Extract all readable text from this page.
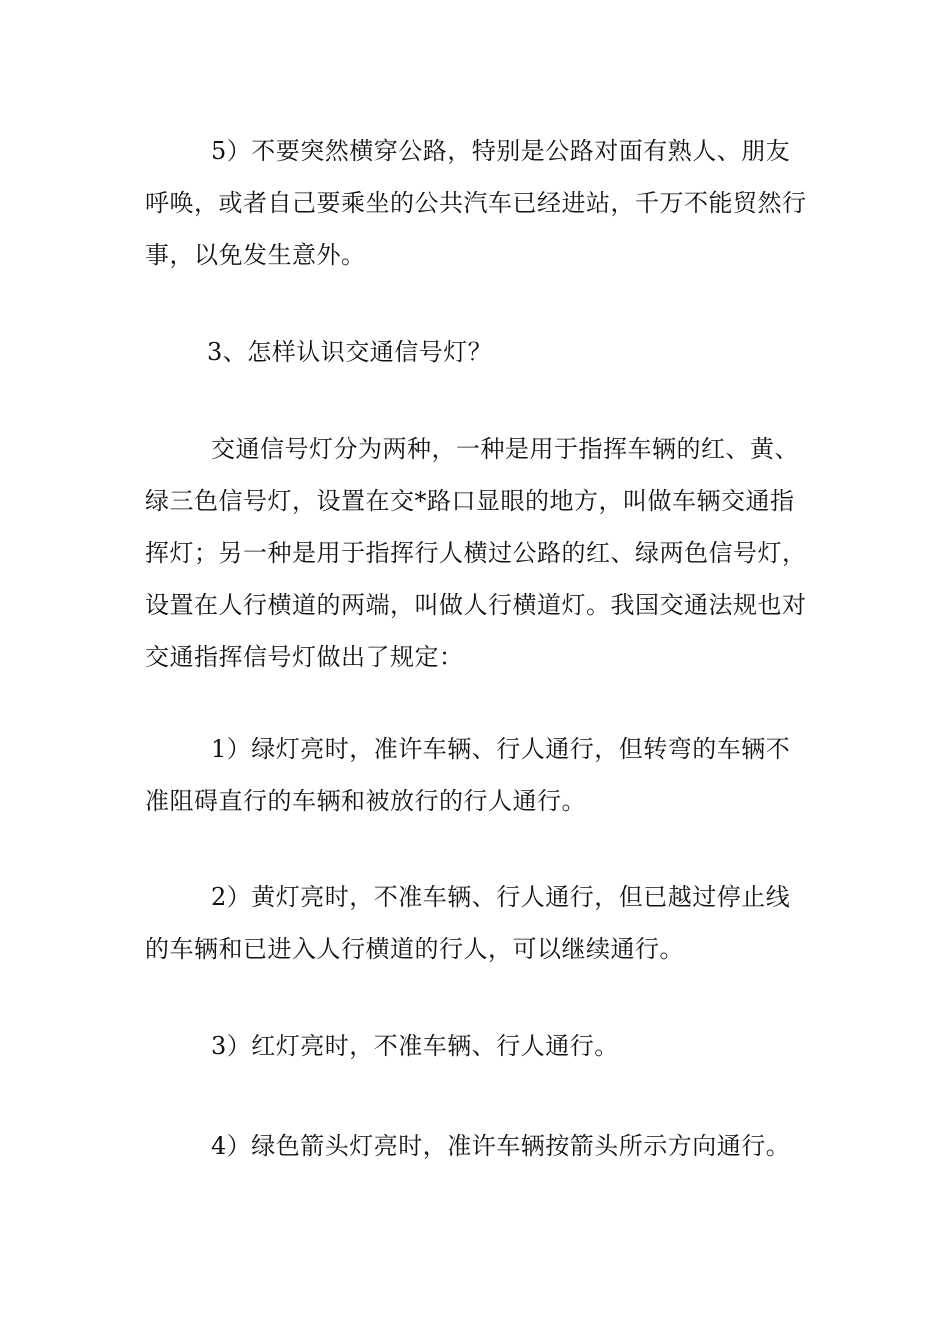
5）不要突然横穿公路，特别是公路对面有熟人、朋友呼唤，或者自己要乘坐的公共汽车已经进站，千万不能贸然行事，以免发生意外。

3、怎样认识交通信号灯？

交通信号灯分为两种，一种是用于指挥车辆的红、黄、绿三色信号灯，设置在交*路口显眼的地方，叫做车辆交通指挥灯；另一种是用于指挥行人横过公路的红、绿两色信号灯，设置在人行横道的两端，叫做人行横道灯。我国交通法规也对交通指挥信号灯做出了规定：

1）绿灯亮时，准许车辆、行人通行，但转弯的车辆不准阻碍直行的车辆和被放行的行人通行。

2）黄灯亮时，不准车辆、行人通行，但已越过停止线的车辆和已进入人行横道的行人，可以继续通行。

3）红灯亮时，不准车辆、行人通行。

4）绿色箭头灯亮时，准许车辆按箭头所示方向通行。
